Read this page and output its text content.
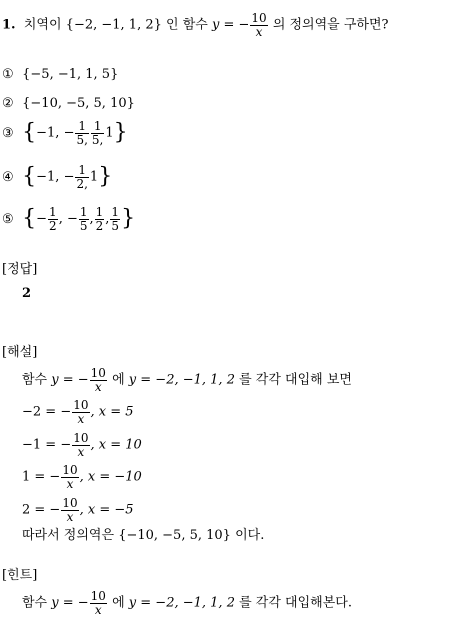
1. 치역이 {−2, −1, 1, 2} 인 함수 y = − $\frac{10}{x}$ 의 정의역을 구하면?
① {−5, −1, 1, 5}
② {−10, −5, 5, 10}
③ {−1, − $\frac{1}{5,} \frac{1}{5,} 1$}
④ {−1, − $\frac{1}{2,} 1$}
⑤ {− $\frac{1}{2}$ , − $\frac{1}{5}$ , $\frac{1}{2}$ , $\frac{1}{5}$ }
[정답]
2
[해설]
함수 y = − $\frac{10}{x}$ 에 y = −2, −1, 1, 2 를 각각 대입해 보면
−2 = − $\frac{10}{x}$ , x = 5
−1 = − $\frac{10}{x}$ , x = 10
1 = − $\frac{10}{x}$ , x = −10
2 = − $\frac{10}{x}$ , x = −5
따라서 정의역은 {−10, −5, 5, 10} 이다.
[힌트]
함수 y = − $\frac{10}{x}$ 에 y = −2, −1, 1, 2 를 각각 대입해본다.
